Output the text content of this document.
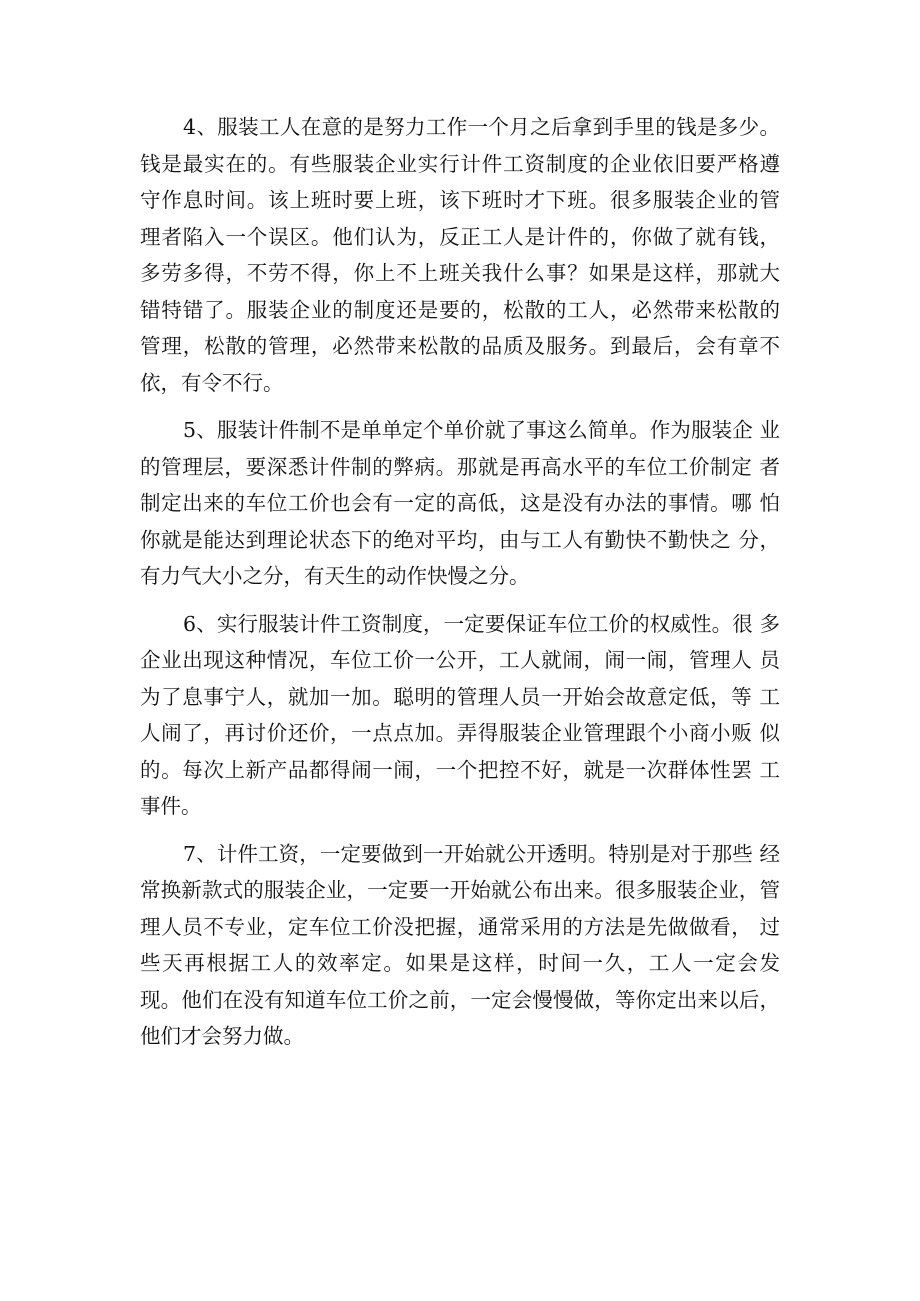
4、服装工人在意的是努力工作一个月之后拿到手里的钱是多少。 钱是最实在的。有些服装企业实行计件工资制度的企业依旧要严格遵 守作息时间。该上班时要上班，该下班时才下班。很多服装企业的管 理者陷入一个误区。他们认为，反正工人是计件的，你做了就有钱， 多劳多得，不劳不得，你上不上班关我什么事？如果是这样，那就大 错特错了。服装企业的制度还是要的，松散的工人，必然带来松散的 管理，松散的管理，必然带来松散的品质及服务。到最后，会有章不 依，有令不行。

5、服装计件制不是单单定个单价就了事这么简单。作为服装企 业的管理层，要深悉计件制的弊病。那就是再高水平的车位工价制定 者制定出来的车位工价也会有一定的高低，这是没有办法的事情。哪 怕你就是能达到理论状态下的绝对平均，由与工人有勤快不勤快之 分，有力气大小之分，有天生的动作快慢之分。

6、实行服装计件工资制度，一定要保证车位工价的权威性。很 多企业出现这种情况，车位工价一公开，工人就闹，闹一闹，管理人 员为了息事宁人，就加一加。聪明的管理人员一开始会故意定低，等 工人闹了，再讨价还价，一点点加。弄得服装企业管理跟个小商小贩 似的。每次上新产品都得闹一闹，一个把控不好，就是一次群体性罢 工事件。

7、计件工资，一定要做到一开始就公开透明。特别是对于那些 经常换新款式的服装企业，一定要一开始就公布出来。很多服装企业，管理人员不专业，定车位工价没把握，通常采用的方法是先做做看， 过些天再根据工人的效率定。如果是这样，时间一久，工人一定会发 现。他们在没有知道车位工价之前，一定会慢慢做，等你定出来以后，他们才会努力做。
